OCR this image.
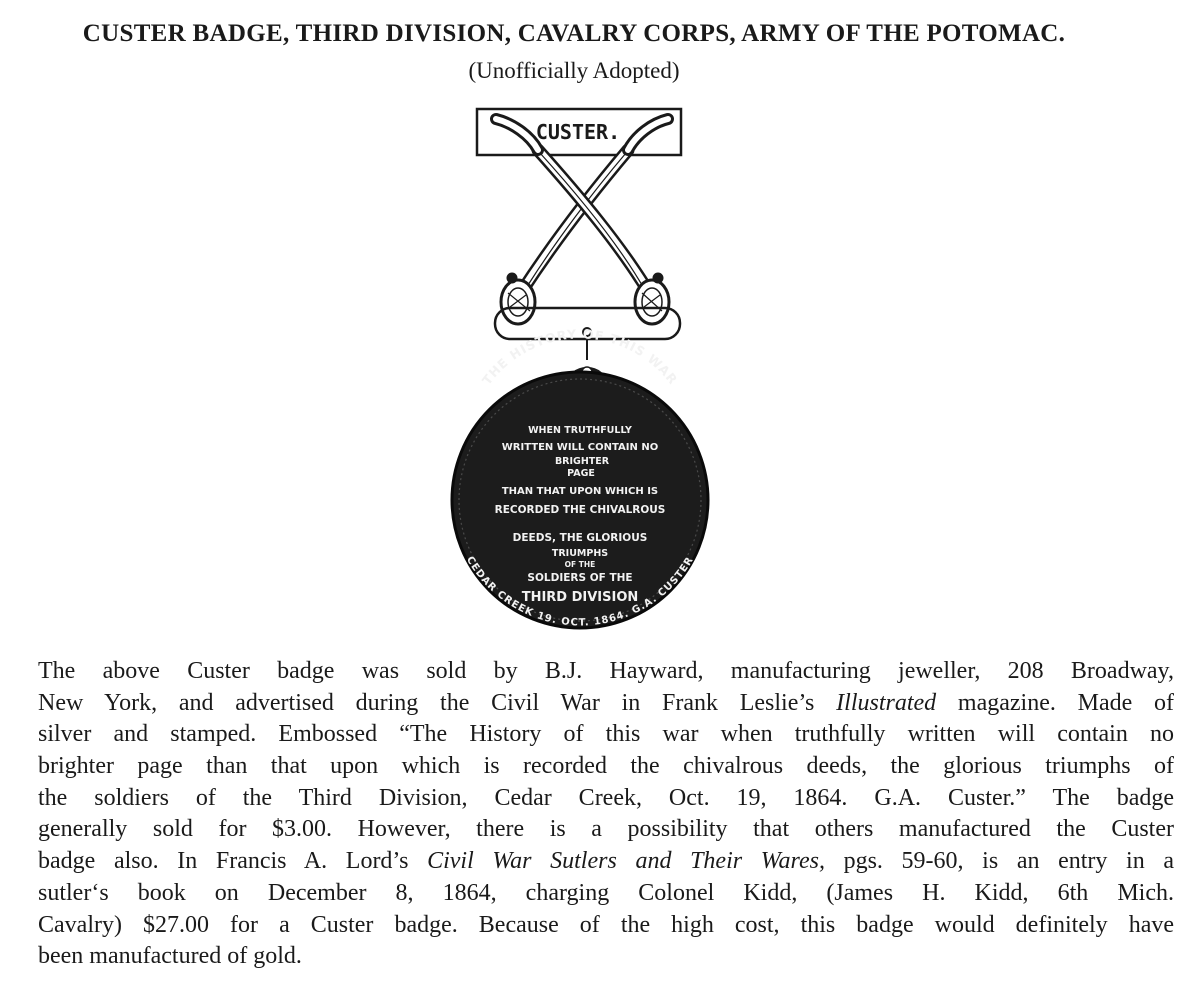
CUSTER BADGE, THIRD DIVISION, CAVALRY CORPS, ARMY OF THE POTOMAC.
(Unofficially Adopted)
CUSTER.
THE HISTORY OF THIS WAR
WHEN TRUTHFULLY
WRITTEN WILL CONTAIN NO
BRIGHTER
PAGE
THAN THAT UPON WHICH IS
RECORDED THE CHIVALROUS
DEEDS, THE GLORIOUS
TRIUMPHS
OF THE
SOLDIERS OF THE
THIRD DIVISION
CEDAR CREEK 19. OCT. 1864. G.A. CUSTER
The above Custer badge was sold by B.J. Hayward, manufacturing jeweller, 208 Broadway,
New York, and advertised during the Civil War in Frank Leslie’s Illustrated magazine. Made of
silver and stamped. Embossed “The History of this war when truthfully written will contain no
brighter page than that upon which is recorded the chivalrous deeds, the glorious triumphs of
the soldiers of the Third Division, Cedar Creek, Oct. 19, 1864. G.A. Custer.” The badge
generally sold for $3.00. However, there is a possibility that others manufactured the Custer
badge also. In Francis A. Lord’s Civil War Sutlers and Their Wares, pgs. 59-60, is an entry in a
sutler‘s book on December 8, 1864, charging Colonel Kidd, (James H. Kidd, 6th Mich.
Cavalry) $27.00 for a Custer badge. Because of the high cost, this badge would definitely have
been manufactured of gold.
